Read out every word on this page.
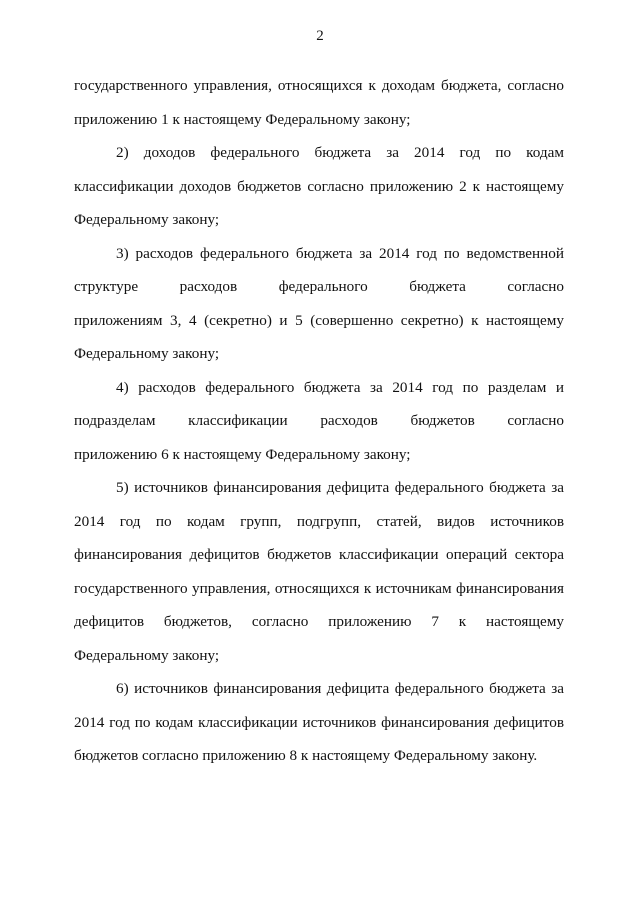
2
государственного управления, относящихся к доходам бюджета, согласно
приложению 1 к настоящему Федеральному закону;
2) доходов федерального бюджета за 2014 год по кодам
классификации доходов бюджетов согласно приложению 2 к настоящему
Федеральному закону;
3) расходов федерального бюджета за 2014 год по ведомственной
структуре расходов федерального бюджета согласно
приложениям 3, 4 (секретно) и 5 (совершенно секретно) к настоящему
Федеральному закону;
4) расходов федерального бюджета за 2014 год по разделам и
подразделам классификации расходов бюджетов согласно
приложению 6 к настоящему Федеральному закону;
5) источников финансирования дефицита федерального бюджета за
2014 год по кодам групп, подгрупп, статей, видов источников
финансирования дефицитов бюджетов классификации операций сектора
государственного управления, относящихся к источникам финансирования
дефицитов бюджетов, согласно приложению 7 к настоящему
Федеральному закону;
6) источников финансирования дефицита федерального бюджета за
2014 год по кодам классификации источников финансирования дефицитов
бюджетов согласно приложению 8 к настоящему Федеральному закону.
